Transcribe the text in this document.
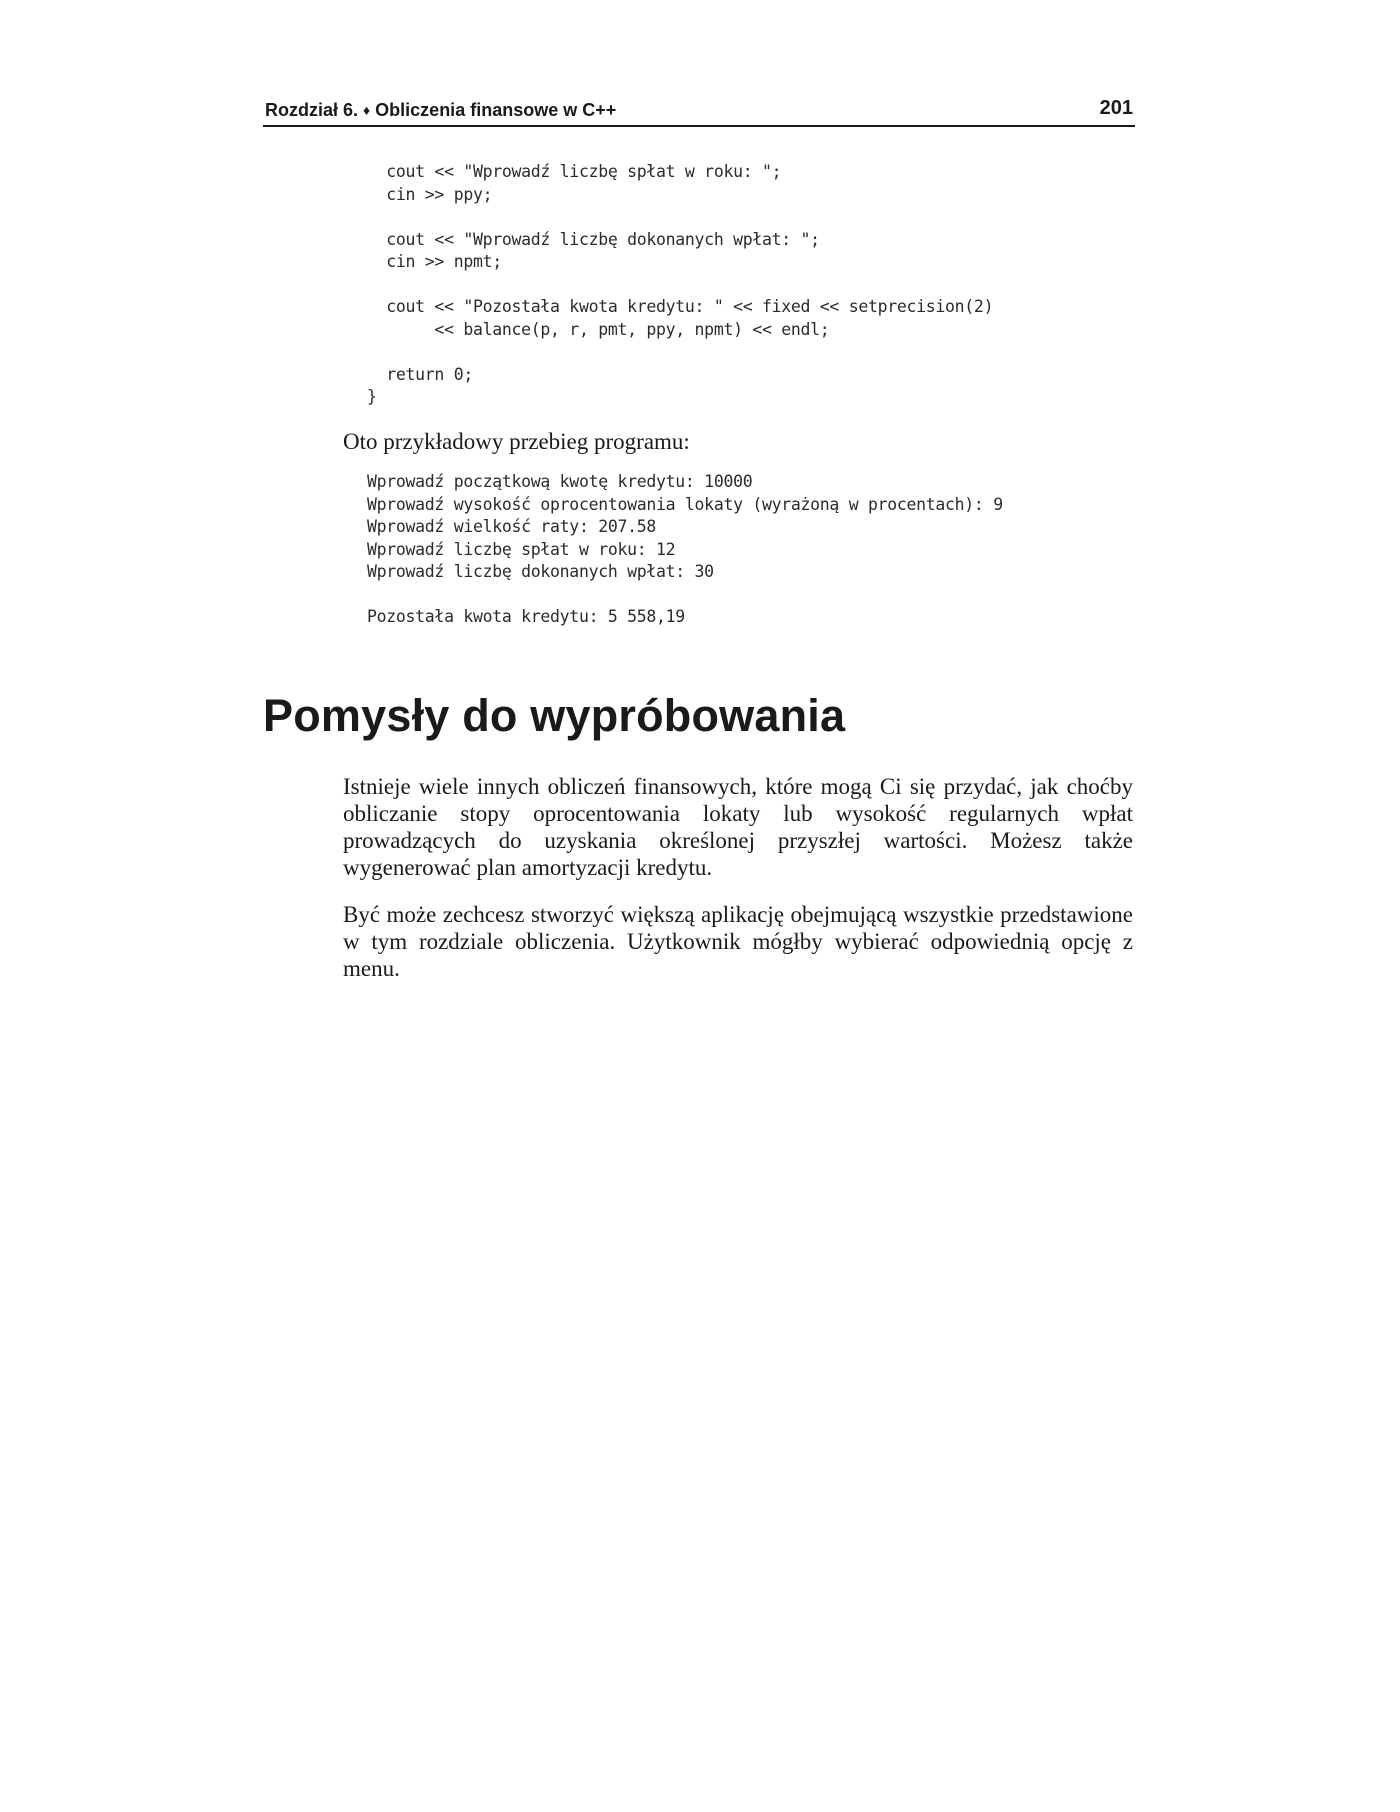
Rozdział 6. ♦ Obliczenia finansowe w C++	201
cout << "Wprowadź liczbę spłat w roku: ";
cin >> ppy;
cout << "Wprowadź liczbę dokonanych wpłat: ";
cin >> npmt;
cout << "Pozostała kwota kredytu: " << fixed << setprecision(2)
<< balance(p, r, pmt, ppy, npmt) << endl;
return 0;
}
Oto przykładowy przebieg programu:
Wprowadź początkową kwotę kredytu: 10000
Wprowadź wysokość oprocentowania lokaty (wyrażoną w procentach): 9
Wprowadź wielkość raty: 207.58
Wprowadź liczbę spłat w roku: 12
Wprowadź liczbę dokonanych wpłat: 30
Pozostała kwota kredytu: 5 558,19
Pomysły do wypróbowania

Istnieje wiele innych obliczeń finansowych, które mogą Ci się przydać, jak choćby obliczanie stopy oprocentowania lokaty lub wysokość regularnych wpłat prowadzących do uzyskania określonej przyszłej wartości. Możesz także wygenerować plan amortyzacji kredytu.

Być może zechcesz stworzyć większą aplikację obejmującą wszystkie przedstawione w tym rozdziale obliczenia. Użytkownik mógłby wybierać odpowiednią opcję z menu.
